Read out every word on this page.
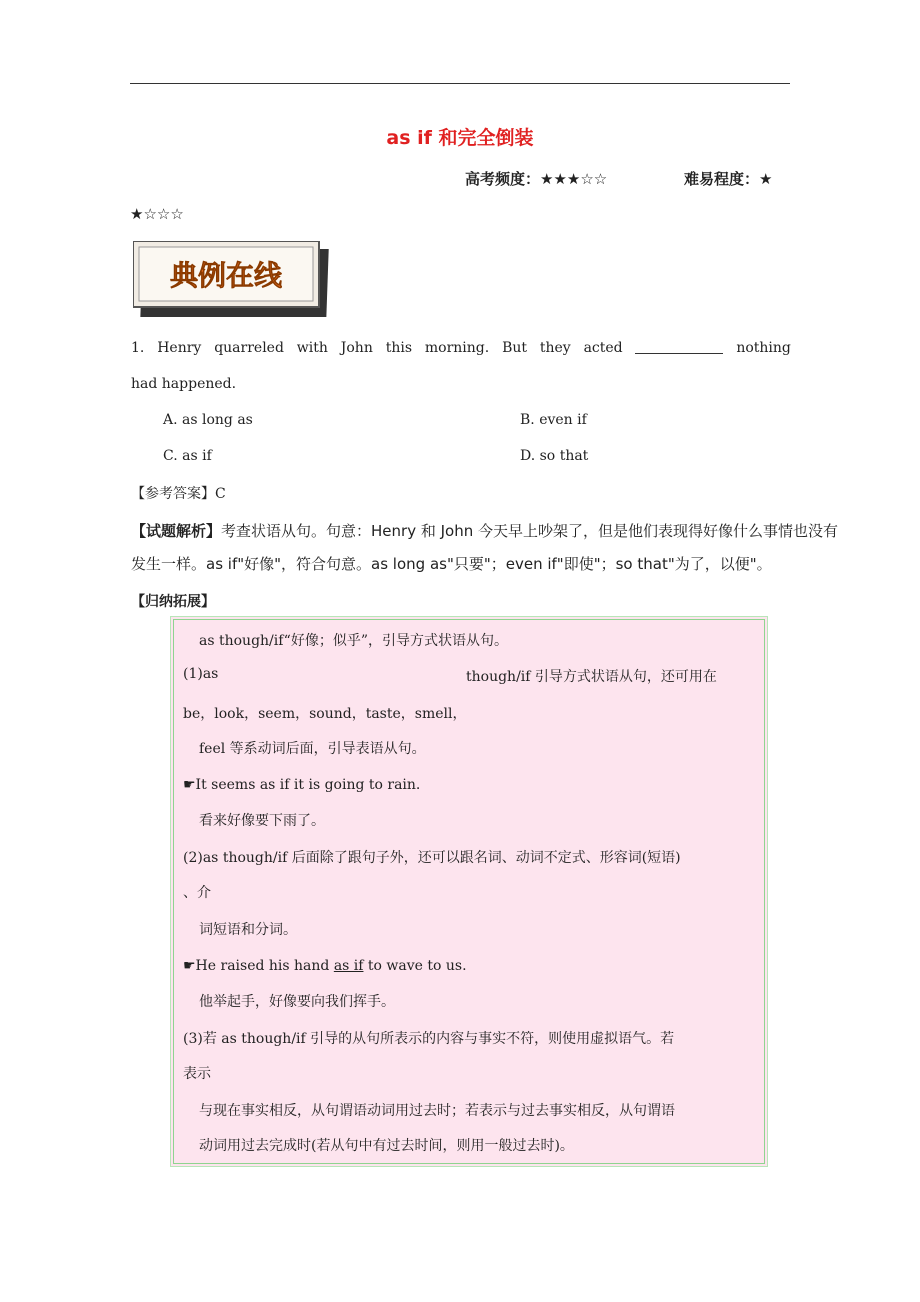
as if 和完全倒装
高考频度：★★★☆☆	难易程度：★
★☆☆☆
典例在线
1. Henry quarreled with John this morning. But they acted	nothing
had happened.
A. as long as	B. even if
C. as if	D. so that
【参考答案】C
【试题解析】考查状语从句。句意：Henry 和 John 今天早上吵架了，但是他们表现得好像什么事情也没有
发生一样。as if"好像"，符合句意。as long as"只要"；even if"即使"；so that"为了，以便"。
【归纳拓展】
as though/if“好像；似乎”，引导方式状语从句。
(1)as	though/if 引导方式状语从句，还可用在
be，look，seem，sound，taste，smell，
feel 等系动词后面，引导表语从句。
☛It seems as if it is going to rain.
看来好像要下雨了。
(2)as though/if 后面除了跟句子外，还可以跟名词、动词不定式、形容词(短语)
、介
词短语和分词。
☛He raised his hand as if to wave to us.
他举起手，好像要向我们挥手。
(3)若 as though/if 引导的从句所表示的内容与事实不符，则使用虚拟语气。若
表示
与现在事实相反，从句谓语动词用过去时；若表示与过去事实相反，从句谓语
动词用过去完成时(若从句中有过去时间，则用一般过去时)。
